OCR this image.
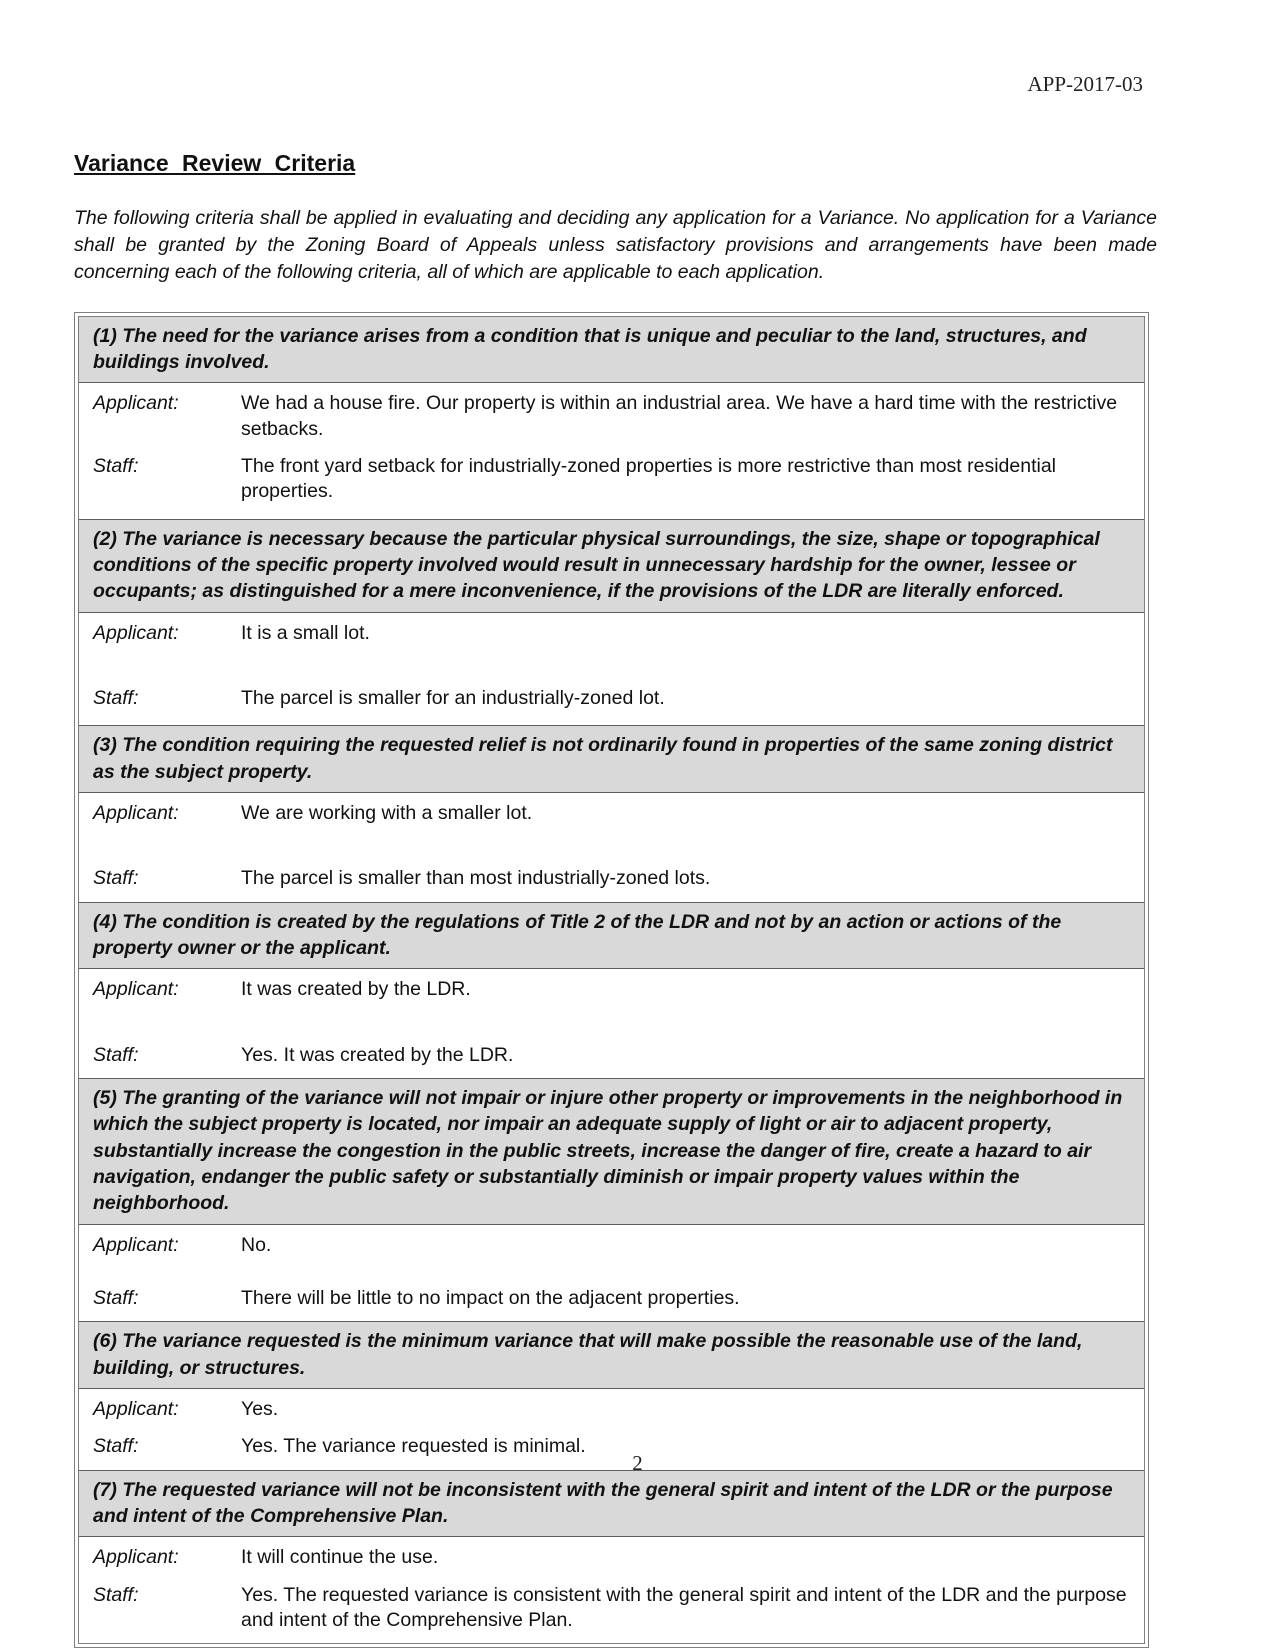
APP-2017-03
Variance Review Criteria

The following criteria shall be applied in evaluating and deciding any application for a Variance. No application for a Variance shall be granted by the Zoning Board of Appeals unless satisfactory provisions and arrangements have been made concerning each of the following criteria, all of which are applicable to each application.

(1) The need for the variance arises from a condition that is unique and peculiar to the land, structures, and buildings involved.
Applicant:	We had a house fire. Our property is within an industrial area. We have a hard time with the restrictive setbacks.
Staff:	The front yard setback for industrially-zoned properties is more restrictive than most residential properties.
(2) The variance is necessary because the particular physical surroundings, the size, shape or topographical conditions of the specific property involved would result in unnecessary hardship for the owner, lessee or occupants; as distinguished for a mere inconvenience, if the provisions of the LDR are literally enforced.
Applicant:	It is a small lot.
Staff:	The parcel is smaller for an industrially-zoned lot.
(3) The condition requiring the requested relief is not ordinarily found in properties of the same zoning district as the subject property.
Applicant:	We are working with a smaller lot.
Staff:	The parcel is smaller than most industrially-zoned lots.
(4) The condition is created by the regulations of Title 2 of the LDR and not by an action or actions of the property owner or the applicant.
Applicant:	It was created by the LDR.
Staff:	Yes. It was created by the LDR.
(5) The granting of the variance will not impair or injure other property or improvements in the neighborhood in which the subject property is located, nor impair an adequate supply of light or air to adjacent property, substantially increase the congestion in the public streets, increase the danger of fire, create a hazard to air navigation, endanger the public safety or substantially diminish or impair property values within the neighborhood.
Applicant:	No.
Staff:	There will be little to no impact on the adjacent properties.
(6) The variance requested is the minimum variance that will make possible the reasonable use of the land, building, or structures.
Applicant:	Yes.
Staff:	Yes. The variance requested is minimal.
(7) The requested variance will not be inconsistent with the general spirit and intent of the LDR or the purpose and intent of the Comprehensive Plan.
Applicant:	It will continue the use.
Staff:	Yes. The requested variance is consistent with the general spirit and intent of the LDR and the purpose and intent of the Comprehensive Plan.
2
